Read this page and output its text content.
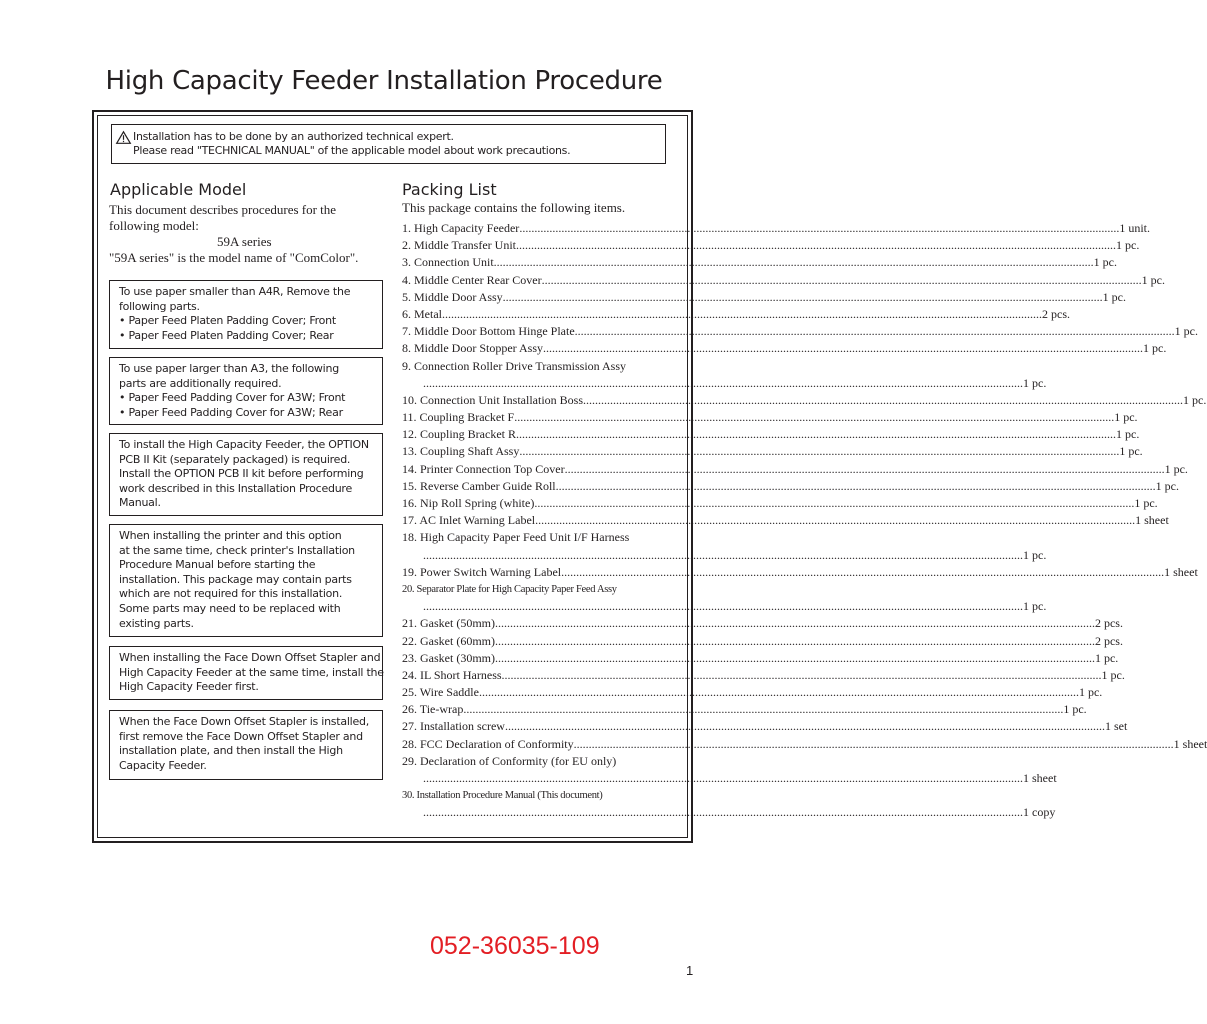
High Capacity Feeder Installation Procedure
Installation has to be done by an authorized technical expert.
Please read "TECHNICAL MANUAL" of the applicable model about work precautions.
Applicable Model
This document describes procedures for the
following model:
59A series
"59A series" is the model name of "ComColor".
To use paper smaller than A4R, Remove the
following parts.
• Paper Feed Platen Padding Cover; Front
• Paper Feed Platen Padding Cover; Rear
To use paper larger than A3, the following
parts are additionally required.
• Paper Feed Padding Cover for A3W; Front
• Paper Feed Padding Cover for A3W; Rear
To install the High Capacity Feeder, the OPTION
PCB II Kit (separately packaged) is required.
Install the OPTION PCB II kit before performing
work described in this Installation Procedure
Manual.
When installing the printer and this option
at the same time, check printer's Installation
Procedure Manual before starting the
installation. This package may contain parts
which are not required for this installation.
Some parts may need to be replaced with
existing parts.
When installing the Face Down Offset Stapler and
High Capacity Feeder at the same time, install the
High Capacity Feeder first.
When the Face Down Offset Stapler is installed,
first remove the Face Down Offset Stapler and
installation plate, and then install the High
Capacity Feeder.
Packing List
This package contains the following items.
1. High Capacity Feeder ........................................................................................................................................................................................................ 1 unit.
2. Middle Transfer Unit ........................................................................................................................................................................................................ 1 pc.
3. Connection Unit ........................................................................................................................................................................................................ 1 pc.
4. Middle Center Rear Cover ........................................................................................................................................................................................................ 1 pc.
5. Middle Door Assy ........................................................................................................................................................................................................ 1 pc.
6. Metal ........................................................................................................................................................................................................ 2 pcs.
7. Middle Door Bottom Hinge Plate ........................................................................................................................................................................................................ 1 pc.
8. Middle Door Stopper Assy ........................................................................................................................................................................................................ 1 pc.
9. Connection Roller Drive Transmission Assy
........................................................................................................................................................................................................ 1 pc.
10. Connection Unit Installation Boss ........................................................................................................................................................................................................ 1 pc.
11. Coupling Bracket F ........................................................................................................................................................................................................ 1 pc.
12. Coupling Bracket R ........................................................................................................................................................................................................ 1 pc.
13. Coupling Shaft Assy ........................................................................................................................................................................................................ 1 pc.
14. Printer Connection Top Cover ........................................................................................................................................................................................................ 1 pc.
15. Reverse Camber Guide Roll ........................................................................................................................................................................................................ 1 pc.
16. Nip Roll Spring (white) ........................................................................................................................................................................................................ 1 pc.
17. AC Inlet Warning Label ........................................................................................................................................................................................................ 1 sheet
18. High Capacity Paper Feed Unit I/F Harness
........................................................................................................................................................................................................ 1 pc.
19. Power Switch Warning Label. ........................................................................................................................................................................................................ 1 sheet
20. Separator Plate for High Capacity Paper Feed Assy
........................................................................................................................................................................................................ 1 pc.
21. Gasket (50mm) ........................................................................................................................................................................................................ 2 pcs.
22. Gasket (60mm) ........................................................................................................................................................................................................ 2 pcs.
23. Gasket (30mm) ........................................................................................................................................................................................................ 1 pc.
24. IL Short Harness ........................................................................................................................................................................................................ 1 pc.
25. Wire Saddle ........................................................................................................................................................................................................ 1 pc.
26. Tie-wrap ........................................................................................................................................................................................................ 1 pc.
27. Installation screw ........................................................................................................................................................................................................ 1 set
28. FCC Declaration of Conformity ........................................................................................................................................................................................................ 1 sheet
29. Declaration of Conformity (for EU only)
........................................................................................................................................................................................................ 1 sheet
30. Installation Procedure Manual (This document)
........................................................................................................................................................................................................ 1 copy
052-36035-109
1
